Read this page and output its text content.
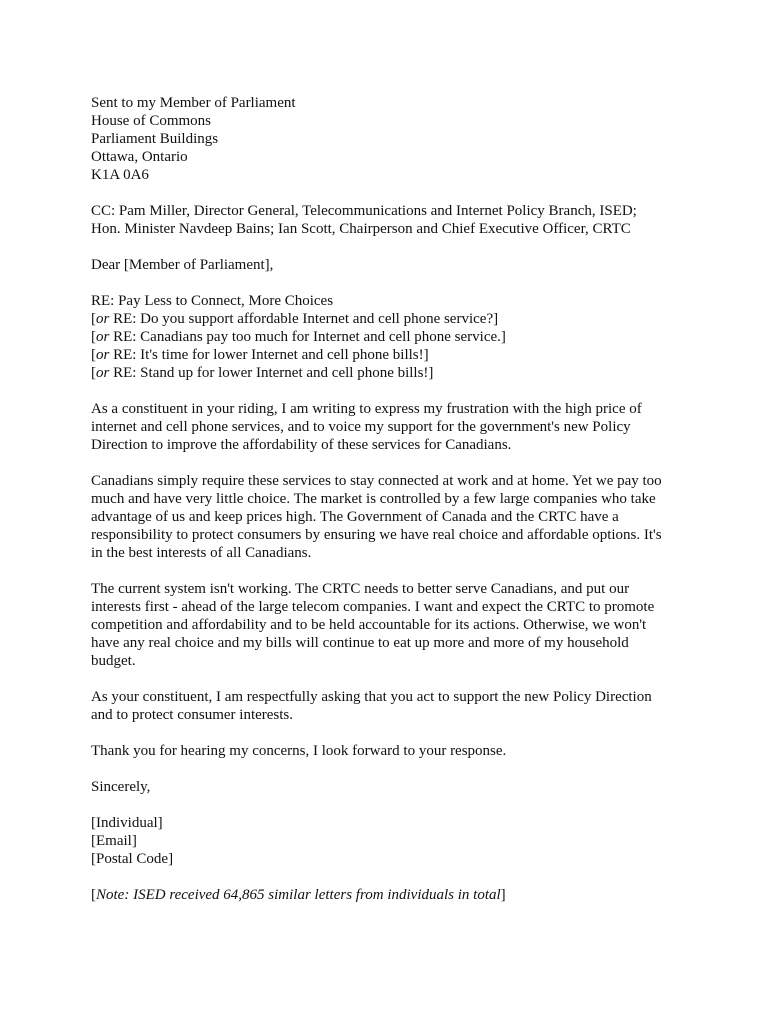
Sent to my Member of Parliament
House of Commons
Parliament Buildings
Ottawa, Ontario
K1A 0A6
CC: Pam Miller, Director General, Telecommunications and Internet Policy Branch, ISED;
Hon. Minister Navdeep Bains; Ian Scott, Chairperson and Chief Executive Officer, CRTC
Dear [Member of Parliament],
RE: Pay Less to Connect, More Choices
[or RE: Do you support affordable Internet and cell phone service?]
[or RE: Canadians pay too much for Internet and cell phone service.]
[or RE: It's time for lower Internet and cell phone bills!]
[or RE: Stand up for lower Internet and cell phone bills!]
As a constituent in your riding, I am writing to express my frustration with the high price of
internet and cell phone services, and to voice my support for the government's new Policy
Direction to improve the affordability of these services for Canadians.
Canadians simply require these services to stay connected at work and at home. Yet we pay too
much and have very little choice. The market is controlled by a few large companies who take
advantage of us and keep prices high. The Government of Canada and the CRTC have a
responsibility to protect consumers by ensuring we have real choice and affordable options. It's
in the best interests of all Canadians.
The current system isn't working. The CRTC needs to better serve Canadians, and put our
interests first - ahead of the large telecom companies. I want and expect the CRTC to promote
competition and affordability and to be held accountable for its actions. Otherwise, we won't
have any real choice and my bills will continue to eat up more and more of my household
budget.
As your constituent, I am respectfully asking that you act to support the new Policy Direction
and to protect consumer interests.
Thank you for hearing my concerns, I look forward to your response.
Sincerely,
[Individual]
[Email]
[Postal Code]
[Note: ISED received 64,865 similar letters from individuals in total]
